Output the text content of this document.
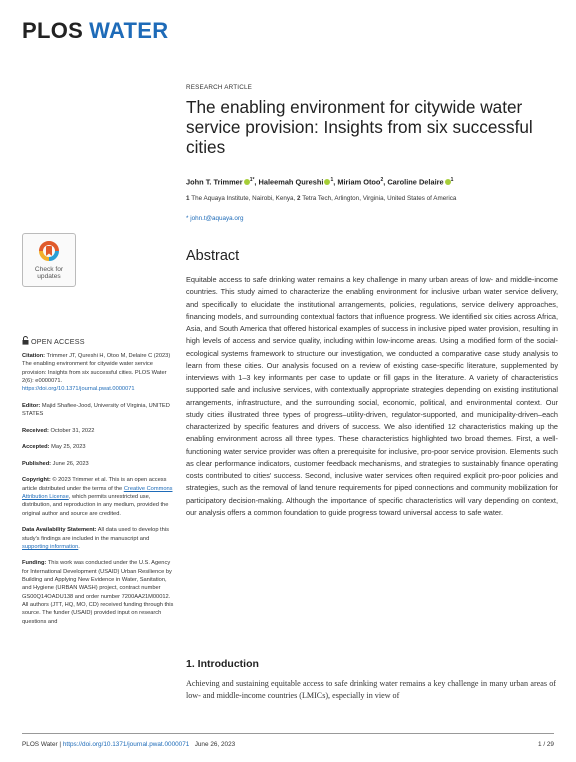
PLOS WATER
RESEARCH ARTICLE
The enabling environment for citywide water service provision: Insights from six successful cities
John T. Trimmer $^{1*}$, Haleemah Qureshi $^1$, Miriam Otoo$^2$, Caroline Delaire $^1$
1 The Aquaya Institute, Nairobi, Kenya, 2 Tetra Tech, Arlington, Virginia, United States of America
* john.t@aquaya.org
Check for
updates
OPEN ACCESS

Citation: Trimmer JT, Qureshi H, Otoo M, Delaire C (2023) The enabling environment for citywide water service provision: Insights from six successful cities. PLOS Water 2(6): e0000071. https://doi.org/10.1371/journal.pwat.0000071

Editor: Majid Shafiee-Jood, University of Virginia, UNITED STATES

Received: October 31, 2022

Accepted: May 25, 2023

Published: June 26, 2023

Copyright: © 2023 Trimmer et al. This is an open access article distributed under the terms of the Creative Commons Attribution License, which permits unrestricted use, distribution, and reproduction in any medium, provided the original author and source are credited.

Data Availability Statement: All data used to develop this study's findings are included in the manuscript and supporting information.

Funding: This work was conducted under the U.S. Agency for International Development (USAID) Urban Resilience by Building and Applying New Evidence in Water, Sanitation, and Hygiene (URBAN WASH) project, contract number GS00Q14OADU138 and order number 7200AA21M00012. All authors (JTT, HQ, MO, CD) received funding through this source. The funder (USAID) provided input on research questions and

Abstract
Equitable access to safe drinking water remains a key challenge in many urban areas of low- and middle-income countries. This study aimed to characterize the enabling environment for inclusive urban water service delivery, and specifically to elucidate the institutional arrangements, policies, regulations, service delivery approaches, financing models, and surrounding contextual factors that influence progress. We identified six cities across Africa, Asia, and South America that offered historical examples of success in inclusive piped water provision, resulting in high levels of access and service quality, including within low-income areas. Using a modified form of the social-ecological systems framework to structure our investigation, we conducted a comparative case study analysis to learn from these cities. Our analysis focused on a review of existing case-specific literature, supplemented by interviews with 1–3 key informants per case to update or fill gaps in the literature. A variety of characteristics supported safe and inclusive services, with contextually appropriate strategies depending on existing institutional arrangements, infrastructure, and the surrounding social, economic, political, and environmental context. Our study cities illustrated three types of progress–utility-driven, regulator-supported, and municipality-driven–each characterized by specific features and drivers of success. We also identified 12 characteristics making up the enabling environment across all three types. These characteristics highlighted two broad themes. First, a well-functioning water service provider was often a prerequisite for inclusive, pro-poor service provision. Elements such as clear performance indicators, customer feedback mechanisms, and strategies to sustainably finance operating costs contributed to cities' success. Second, inclusive water services often required explicit pro-poor policies and strategies, such as the removal of land tenure requirements for piped connections and community mobilization for participatory decision-making. Although the importance of specific characteristics will vary depending on context, our analysis offers a common foundation to guide progress toward universal access to safe water.
1. Introduction
Achieving and sustaining equitable access to safe drinking water remains a key challenge in many urban areas of low- and middle-income countries (LMICs), especially in view of
PLOS Water | https://doi.org/10.1371/journal.pwat.0000071 June 26, 2023	1 / 29
